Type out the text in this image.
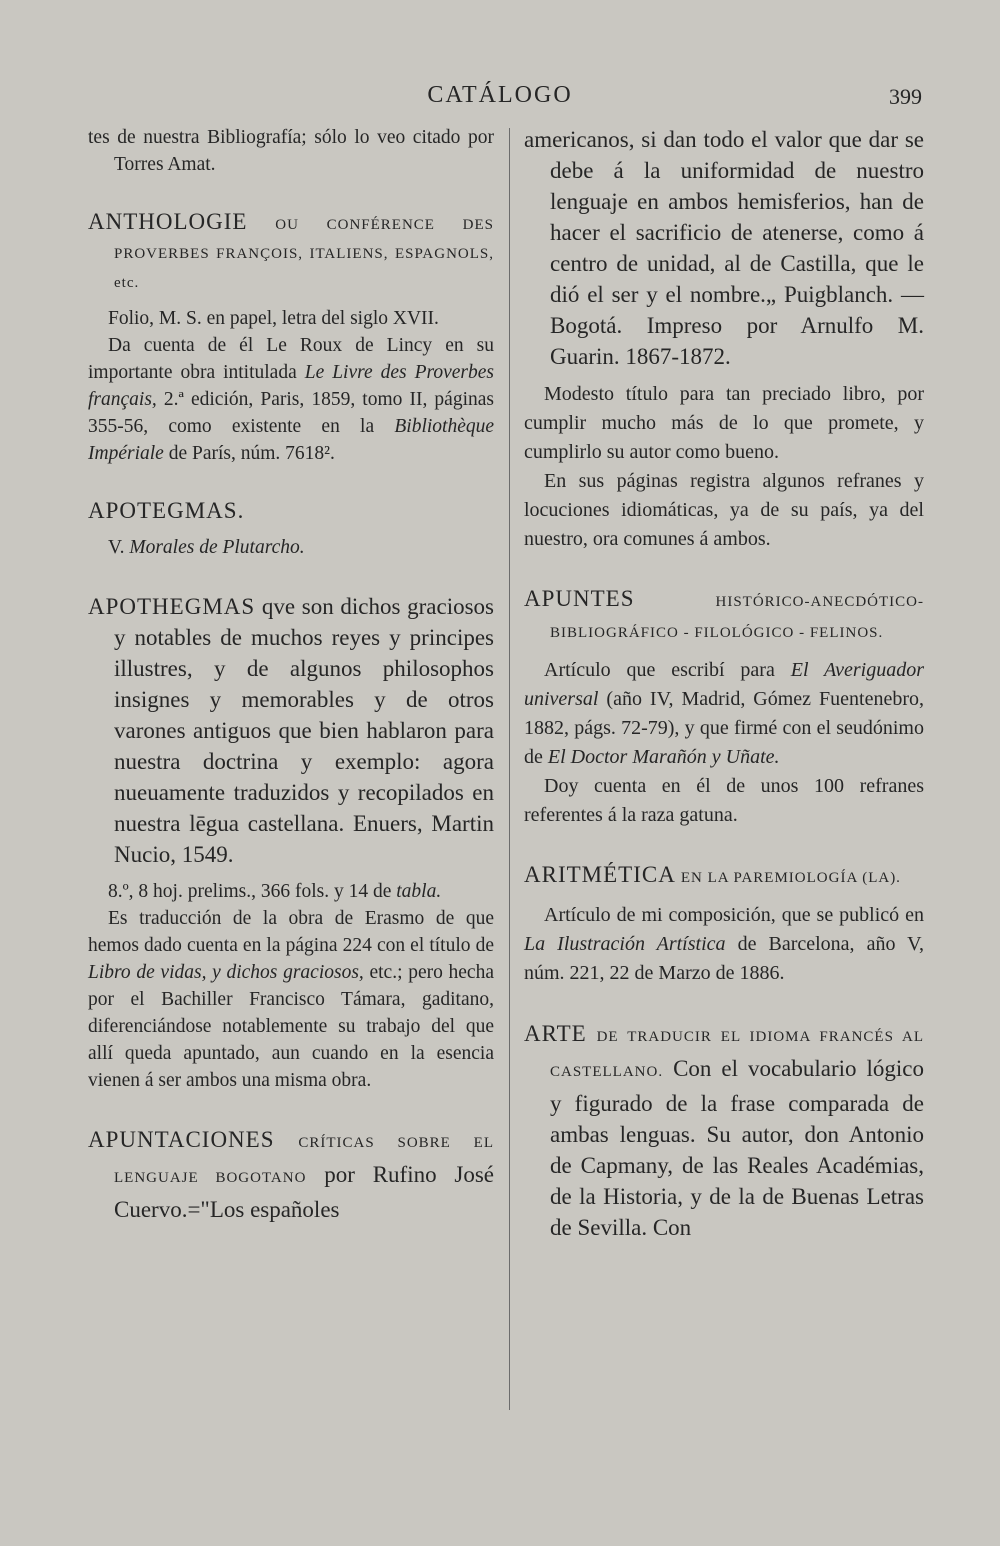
CATÁLOGO	399

tes de nuestra Bibliografía; sólo lo veo citado por Torres Amat.

ANTHOLOGIE OU CONFÉRENCE DES PROVERBES FRANÇOIS, ITALIENS, ESPAGNOLS, etc.

Folio, M. S. en papel, letra del siglo XVII.

Da cuenta de él Le Roux de Lincy en su importante obra intitulada Le Livre des Proverbes français, 2.ª edición, Paris, 1859, tomo II, páginas 355-56, como existente en la Bibliothèque Impériale de París, núm. 7618².

APOTEGMAS.

V. Morales de Plutarcho.

APOTHEGMAS qve son dichos graciosos y notables de muchos reyes y principes illustres, y de algunos philosophos insignes y memorables y de otros varones antiguos que bien hablaron para nuestra doctrina y exemplo: agora nueuamente traduzidos y recopilados en nuestra lēgua castellana. Enuers, Martin Nucio, 1549.

8.º, 8 hoj. prelims., 366 fols. y 14 de tabla.

Es traducción de la obra de Erasmo de que hemos dado cuenta en la página 224 con el título de Libro de vidas, y dichos graciosos, etc.; pero hecha por el Bachiller Francisco Támara, gaditano, diferenciándose notablemente su trabajo del que allí queda apuntado, aun cuando en la esencia vienen á ser ambos una misma obra.

APUNTACIONES CRÍTICAS SOBRE EL LENGUAJE BOGOTANO por Rufino José Cuervo.="Los españoles

americanos, si dan todo el valor que dar se debe á la uniformidad de nuestro lenguaje en ambos hemisferios, han de hacer el sacrificio de atenerse, como á centro de unidad, al de Castilla, que le dió el ser y el nombre.„ Puigblanch. —Bogotá. Impreso por Arnulfo M. Guarin. 1867-1872.

Modesto título para tan preciado libro, por cumplir mucho más de lo que promete, y cumplirlo su autor como bueno.

En sus páginas registra algunos refranes y locuciones idiomáticas, ya de su país, ya del nuestro, ora comunes á ambos.

APUNTES	HISTÓRICO-ANECDÓTICO-BIBLIOGRÁFICO - FILOLÓGICO - FELINOS.

Artículo que escribí para El Averiguador universal (año IV, Madrid, Gómez Fuentenebro, 1882, págs. 72-79), y que firmé con el seudónimo de El Doctor Marañón y Uñate.

Doy cuenta en él de unos 100 refranes referentes á la raza gatuna.

ARITMÉTICA EN LA PAREMIOLOGÍA (LA).

Artículo de mi composición, que se publicó en La Ilustración Artística de Barcelona, año V, núm. 221, 22 de Marzo de 1886.

ARTE DE TRADUCIR EL IDIOMA FRANCÉS AL CASTELLANO. Con el vocabulario lógico y figurado de la frase comparada de ambas lenguas. Su autor, don Antonio de Capmany, de las Reales Académias, de la Historia, y de la de Buenas Letras de Sevilla. Con
